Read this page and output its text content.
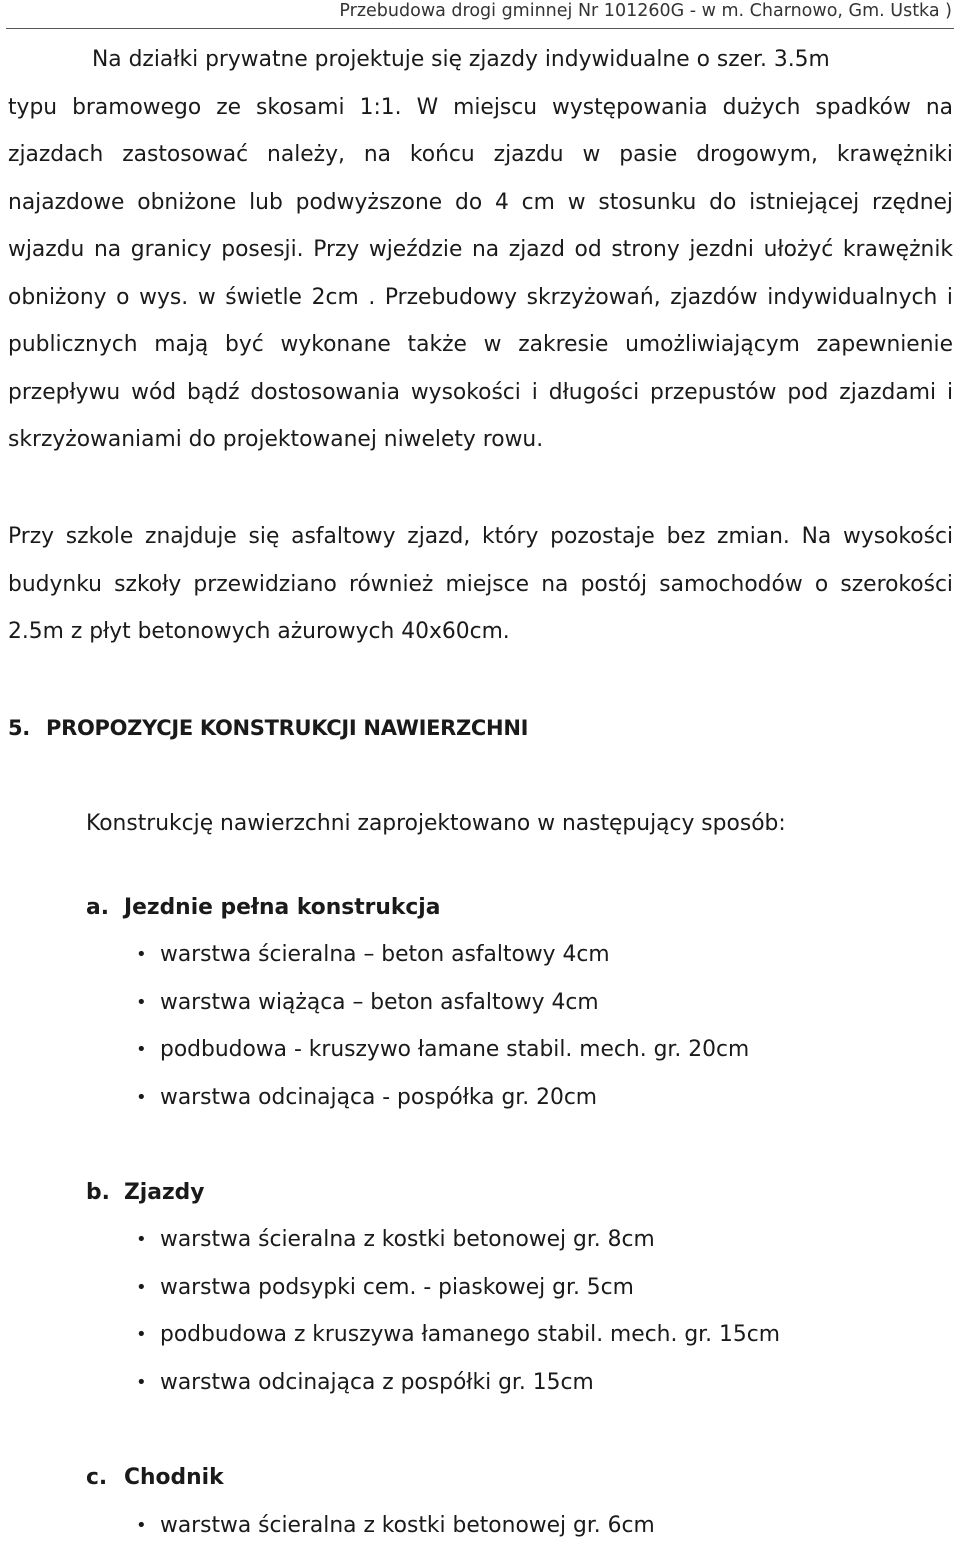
Przebudowa drogi gminnej Nr 101260G - w m. Charnowo, Gm. Ustka )

Na działki prywatne projektuje się zjazdy indywidualne o szer. 3.5m
typu bramowego ze skosami 1:1. W miejscu występowania dużych spadków na zjazdach zastosować należy, na końcu zjazdu w pasie drogowym, krawężniki najazdowe obniżone lub podwyższone do 4 cm w stosunku do istniejącej rzędnej wjazdu na granicy posesji. Przy wjeździe na zjazd od strony jezdni ułożyć krawężnik obniżony o wys. w świetle 2cm . Przebudowy skrzyżowań, zjazdów indywidualnych i publicznych mają być wykonane także w zakresie umożliwiającym zapewnienie przepływu wód bądź dostosowania wysokości i długości przepustów pod zjazdami i skrzyżowaniami do projektowanej niwelety rowu.

Przy szkole znajduje się asfaltowy zjazd, który pozostaje bez zmian. Na wysokości budynku szkoły przewidziano również miejsce na postój samochodów o szerokości 2.5m z płyt betonowych ażurowych 40x60cm.

5. PROPOZYCJE KONSTRUKCJI NAWIERZCHNI

Konstrukcję nawierzchni zaprojektowano w następujący sposób:

a. Jezdnie pełna konstrukcja
• warstwa ścieralna – beton asfaltowy 4cm
• warstwa wiążąca – beton asfaltowy 4cm
• podbudowa - kruszywo łamane stabil. mech. gr. 20cm
• warstwa odcinająca - pospółka gr. 20cm
b. Zjazdy
• warstwa ścieralna z kostki betonowej gr. 8cm
• warstwa podsypki cem. - piaskowej gr. 5cm
• podbudowa z kruszywa łamanego stabil. mech. gr. 15cm
• warstwa odcinająca z pospółki gr. 15cm
c. Chodnik
• warstwa ścieralna z kostki betonowej gr. 6cm
